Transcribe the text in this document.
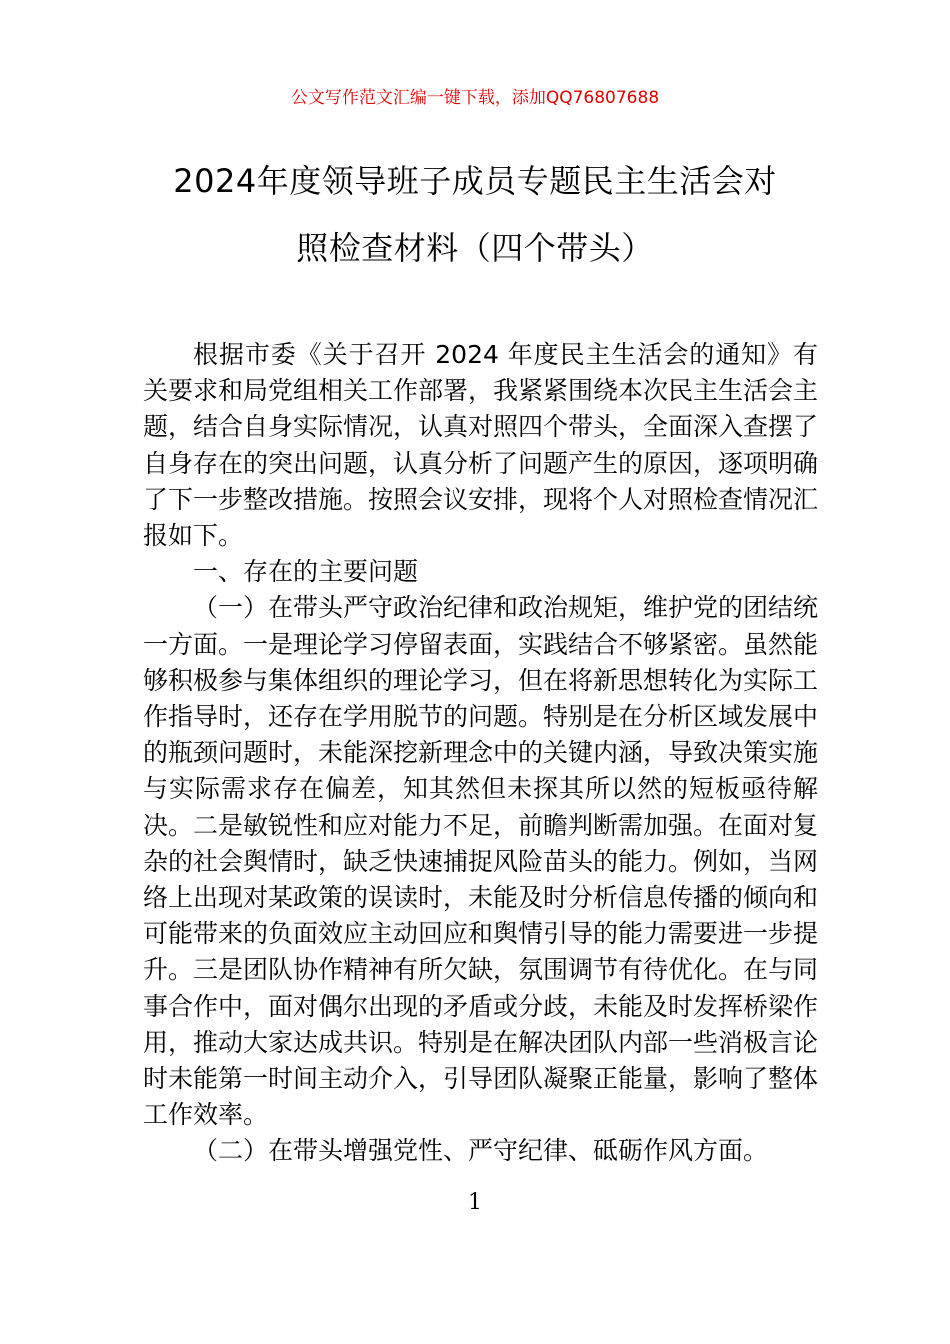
公文写作范文汇编一键下载，添加QQ76807688
2024年度领导班子成员专题民主生活会对
照检查材料（四个带头）

根据市委《关于召开 2024 年度民主生活会的通知》有关要求和局党组相关工作部署，我紧紧围绕本次民主生活会主题，结合自身实际情况，认真对照四个带头，全面深入查摆了自身存在的突出问题，认真分析了问题产生的原因，逐项明确了下一步整改措施。按照会议安排，现将个人对照检查情况汇报如下。

一、存在的主要问题

（一）在带头严守政治纪律和政治规矩，维护党的团结统一方面。一是理论学习停留表面，实践结合不够紧密。虽然能够积极参与集体组织的理论学习，但在将新思想转化为实际工作指导时，还存在学用脱节的问题。特别是在分析区域发展中的瓶颈问题时，未能深挖新理念中的关键内涵，导致决策实施与实际需求存在偏差，知其然但未探其所以然的短板亟待解决。二是敏锐性和应对能力不足，前瞻判断需加强。在面对复杂的社会舆情时，缺乏快速捕捉风险苗头的能力。例如，当网络上出现对某政策的误读时，未能及时分析信息传播的倾向和可能带来的负面效应主动回应和舆情引导的能力需要进一步提升。三是团队协作精神有所欠缺，氛围调节有待优化。在与同事合作中，面对偶尔出现的矛盾或分歧，未能及时发挥桥梁作用，推动大家达成共识。特别是在解决团队内部一些消极言论时未能第一时间主动介入，引导团队凝聚正能量，影响了整体工作效率。

（二）在带头增强党性、严守纪律、砥砺作风方面。

1
